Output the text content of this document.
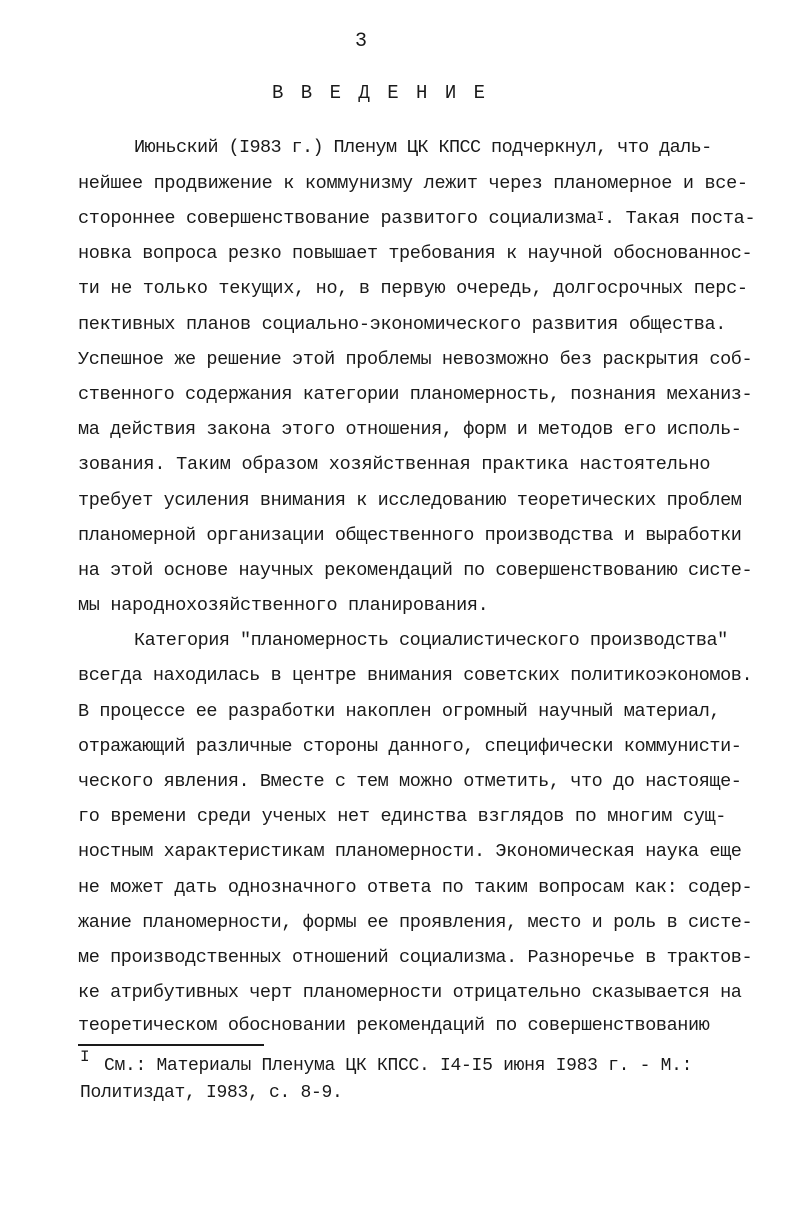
3
В В Е Д Е Н И Е
Июньский (I983 г.) Пленум ЦК КПСС подчеркнул, что даль-
нейшее продвижение к коммунизму лежит через планомерное и все-
стороннее совершенствование развитого социализма$^I$. Такая поста-
новка вопроса резко повышает требования к научной обоснованнос-
ти не только текущих, но, в первую очередь, долгосрочных перс-
пективных планов социально-экономического развития общества.
Успешное же решение этой проблемы невозможно без раскрытия соб-
ственного содержания категории планомерность, познания механиз-
ма действия закона этого отношения, форм и методов его исполь-
зования. Таким образом хозяйственная практика настоятельно
требует усиления внимания к исследованию теоретических проблем
планомерной организации общественного производства и выработки
на этой основе научных рекомендаций по совершенствованию систе-
мы народнохозяйственного планирования.
Категория "планомерность социалистического производства"
всегда находилась в центре внимания советских политикоэкономов.
В процессе ее разработки накоплен огромный научный материал,
отражающий различные стороны данного, специфически коммунисти-
ческого явления. Вместе с тем можно отметить, что до настояще-
го времени среди ученых нет единства взглядов по многим сущ-
ностным характеристикам планомерности. Экономическая наука еще
не может дать однозначного ответа по таким вопросам как: содер-
жание планомерности, формы ее проявления, место и роль в систе-
ме производственных отношений социализма. Разноречье в трактов-
ке атрибутивных черт планомерности отрицательно сказывается на
теоретическом обосновании рекомендаций по совершенствованию
I См.: Материалы Пленума ЦК КПСС. I4-I5 июня I983 г. - М.:
Политиздат, I983, с. 8-9.
